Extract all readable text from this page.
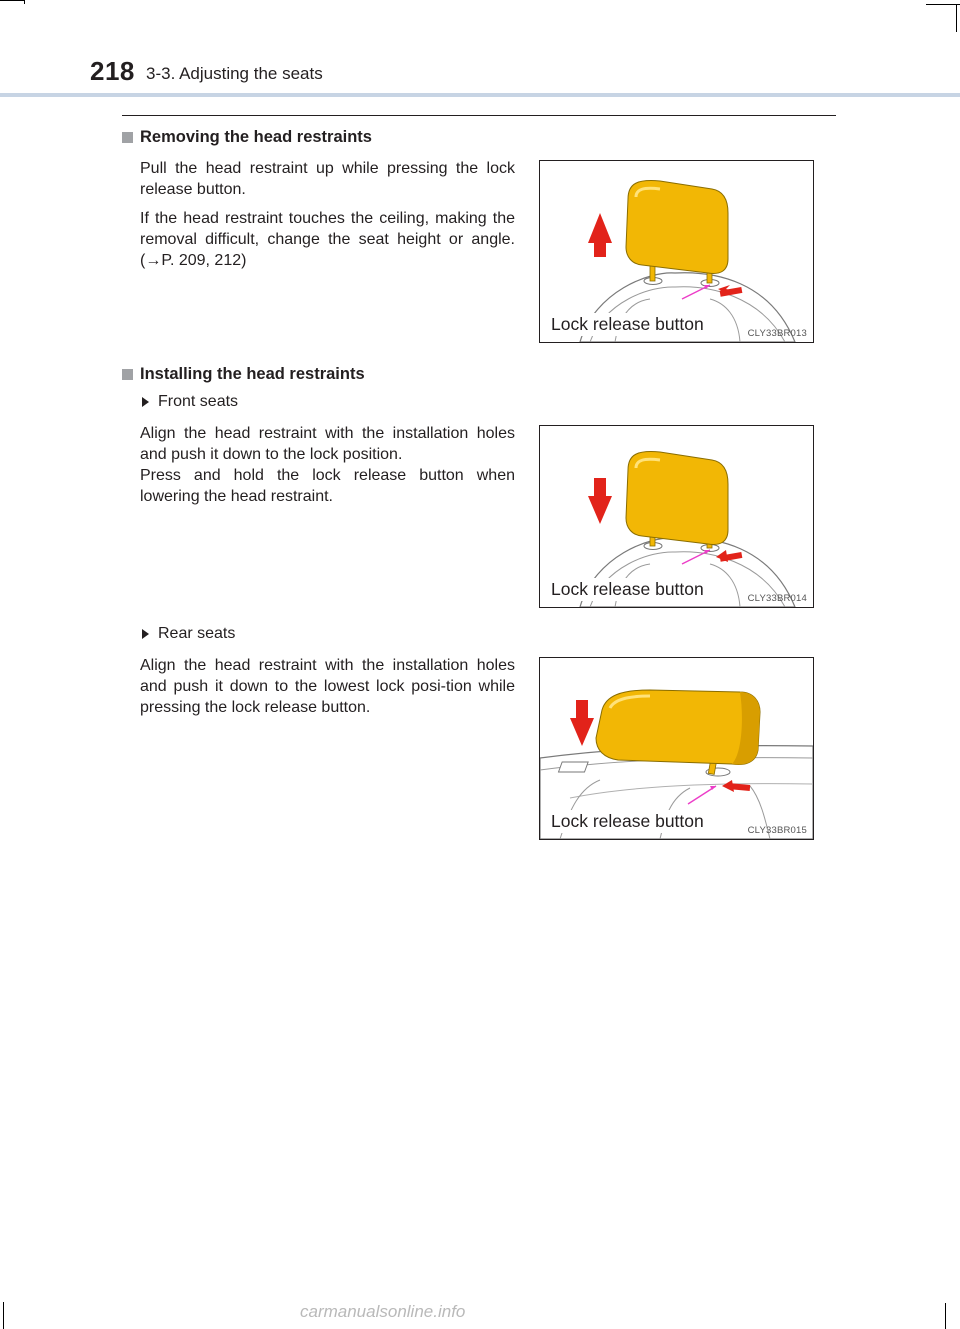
218 3-3. Adjusting the seats
Removing the head restraints

Pull the head restraint up while pressing the lock release button.

If the head restraint touches the ceiling, making the removal difficult, change the seat height or angle. (→P. 209, 212)

Lock release button	CLY33BR013
Installing the head restraints
Front seats

Align the head restraint with the installation holes and push it down to the lock position.

Press and hold the lock release button when lowering the head restraint.

Lock release button	CLY33BR014
Rear seats

Align the head restraint with the installation holes and push it down to the lowest lock posi-tion while pressing the lock release button.

Lock release button	CLY33BR015
carmanualsonline.info
